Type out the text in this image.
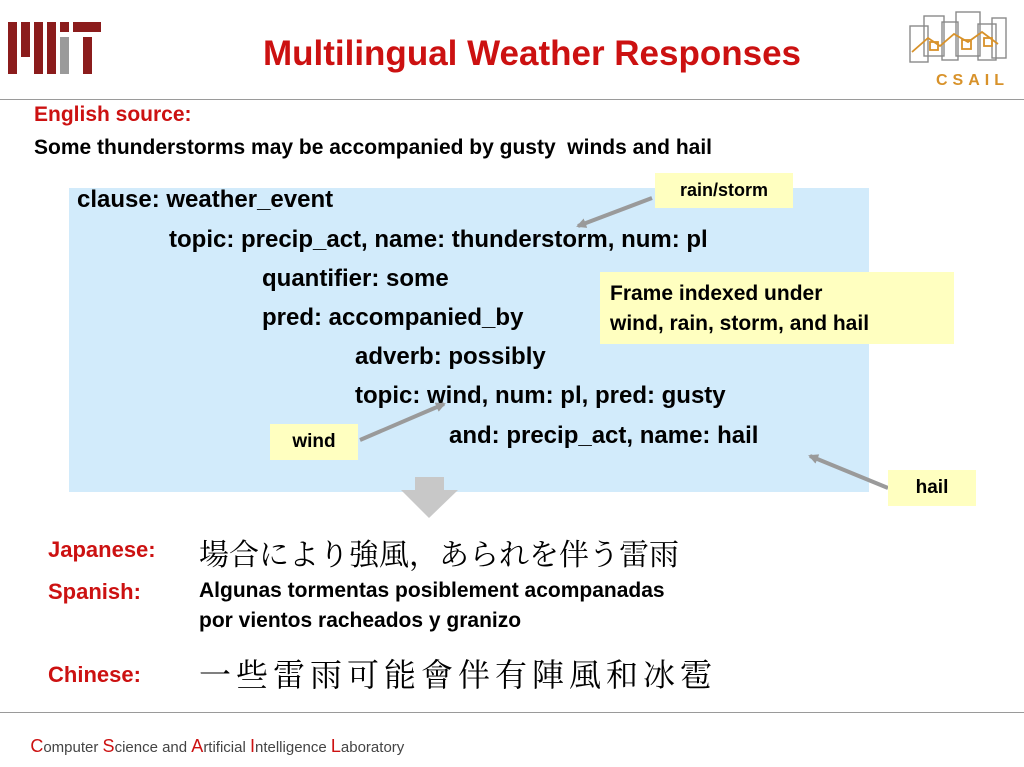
CSAIL
Multilingual Weather Responses
English source:
Some thunderstorms may be accompanied by gusty  winds and hail
clause: weather_event
topic: precip_act, name: thunderstorm, num: pl
quantifier: some
pred: accompanied_by
adverb: possibly
topic: wind, num: pl, pred: gusty
and: precip_act, name: hail
rain/storm
Frame indexed under
wind, rain, storm, and hail
wind
hail
Japanese: 場合により強風，あられを伴う雷雨
Spanish:	Algunas tormentas posiblement acompanadas
por vientos racheados y granizo
Chinese: 一些雷雨可能會伴有陣風和冰雹

Computer Science and Artificial Intelligence Laboratory
